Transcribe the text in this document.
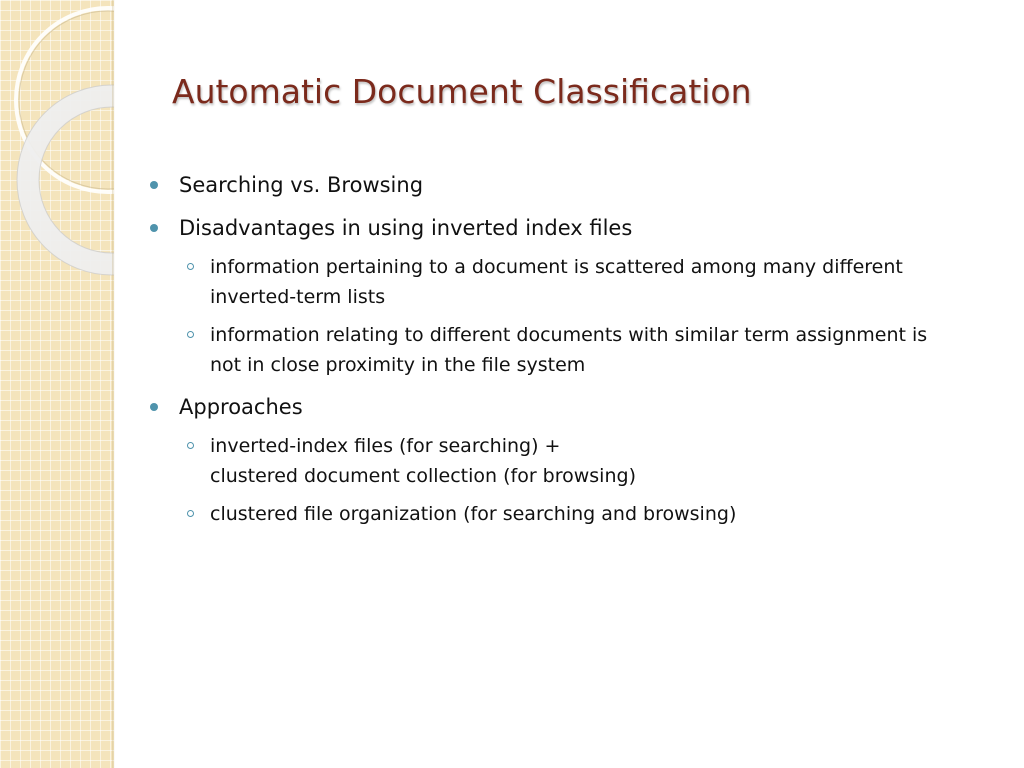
Automatic Document Classification
Searching vs. Browsing
Disadvantages in using inverted index files
information pertaining to a document is scattered among many different
inverted-term lists
information relating to different documents with similar term assignment is
not in close proximity in the file system
Approaches
inverted-index files (for searching) +
clustered document collection (for browsing)
clustered file organization (for searching and browsing)
